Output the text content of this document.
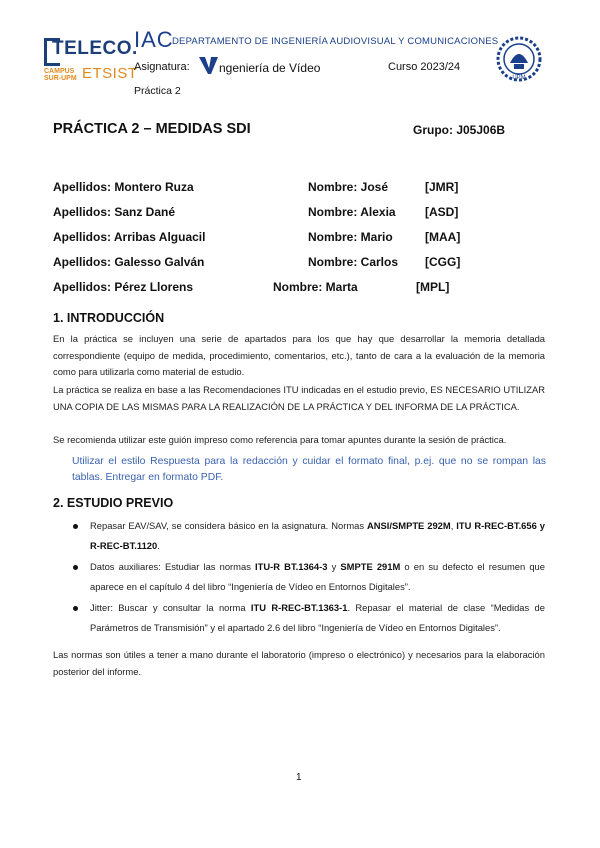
TELECO.
CAMPUS SUR-UPM ETSIST
IAC
DEPARTAMENTO DE INGENIERÍA AUDIOVISUAL Y COMUNICACIONES
Asignatura: ngeniería de Vídeo	Curso 2023/24
Práctica 2
UPM
PRÁCTICA 2 – MEDIDAS SDI	Grupo: J05J06B
Apellidos: Montero Ruza	Nombre: José	[JMR]
Apellidos: Sanz Dané	Nombre: Alexia [ASD]
Apellidos: Arribas Alguacil	Nombre: Mario	[MAA]
Apellidos: Galesso Galván	Nombre: Carlos [CGG]
Apellidos: Pérez Llorens	Nombre: Marta	[MPL]
1. INTRODUCCIÓN
En la práctica se incluyen una serie de apartados para los que hay que desarrollar la memoria detallada correspondiente (equipo de medida, procedimiento, comentarios, etc.), tanto de cara a la evaluación de la memoria como para utilizarla como material de estudio.
La práctica se realiza en base a las Recomendaciones ITU indicadas en el estudio previo, ES NECESARIO UTILIZAR UNA COPIA DE LAS MISMAS PARA LA REALIZACIÓN DE LA PRÁCTICA Y DEL INFORMA DE LA PRÁCTICA.
Se recomienda utilizar este guión impreso como referencia para tomar apuntes durante la sesión de práctica.
Utilizar el estilo Respuesta para la redacción y cuidar el formato final, p.ej. que no se rompan las tablas. Entregar en formato PDF.
2. ESTUDIO PREVIO
Repasar EAV/SAV, se considera básico en la asignatura. Normas ANSI/SMPTE 292M, ITU R-REC-BT.656 y R-REC-BT.1120.
Datos auxiliares: Estudiar las normas ITU-R BT.1364-3 y SMPTE 291M o en su defecto el resumen que aparece en el capítulo 4 del libro “Ingeniería de Vídeo en Entornos Digitales”.
Jitter: Buscar y consultar la norma ITU R-REC-BT.1363-1. Repasar el material de clase “Medidas de Parámetros de Transmisión” y el apartado 2.6 del libro “Ingeniería de Vídeo en Entornos Digitales”.
Las normas son útiles a tener a mano durante el laboratorio (impreso o electrónico) y necesarios para la elaboración posterior del informe.
1
